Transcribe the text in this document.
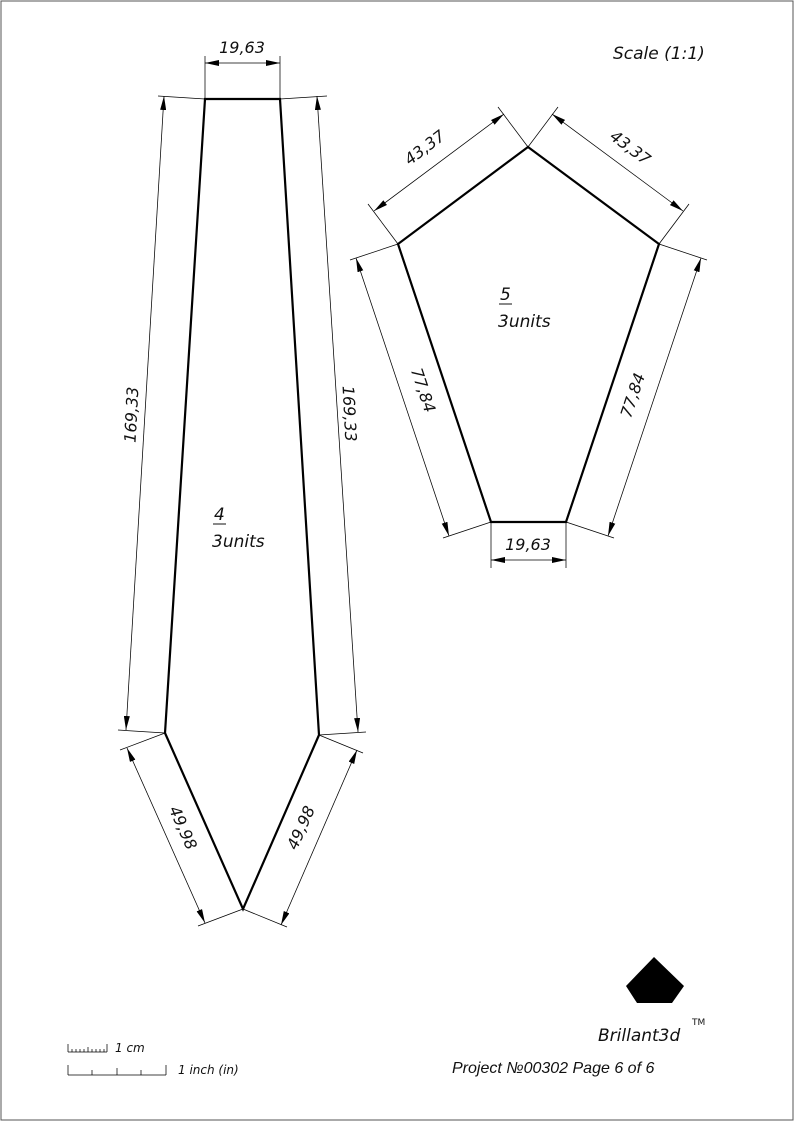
Scale (1:1)
19,63
169,33	169,33
49,98	49,98
4
3units
43,37	43,37
77,84	77,84
19,63
5
3units
1 cm
1 inch (in)
Brillant3d
TM
Project №00302 Page 6 of 6
